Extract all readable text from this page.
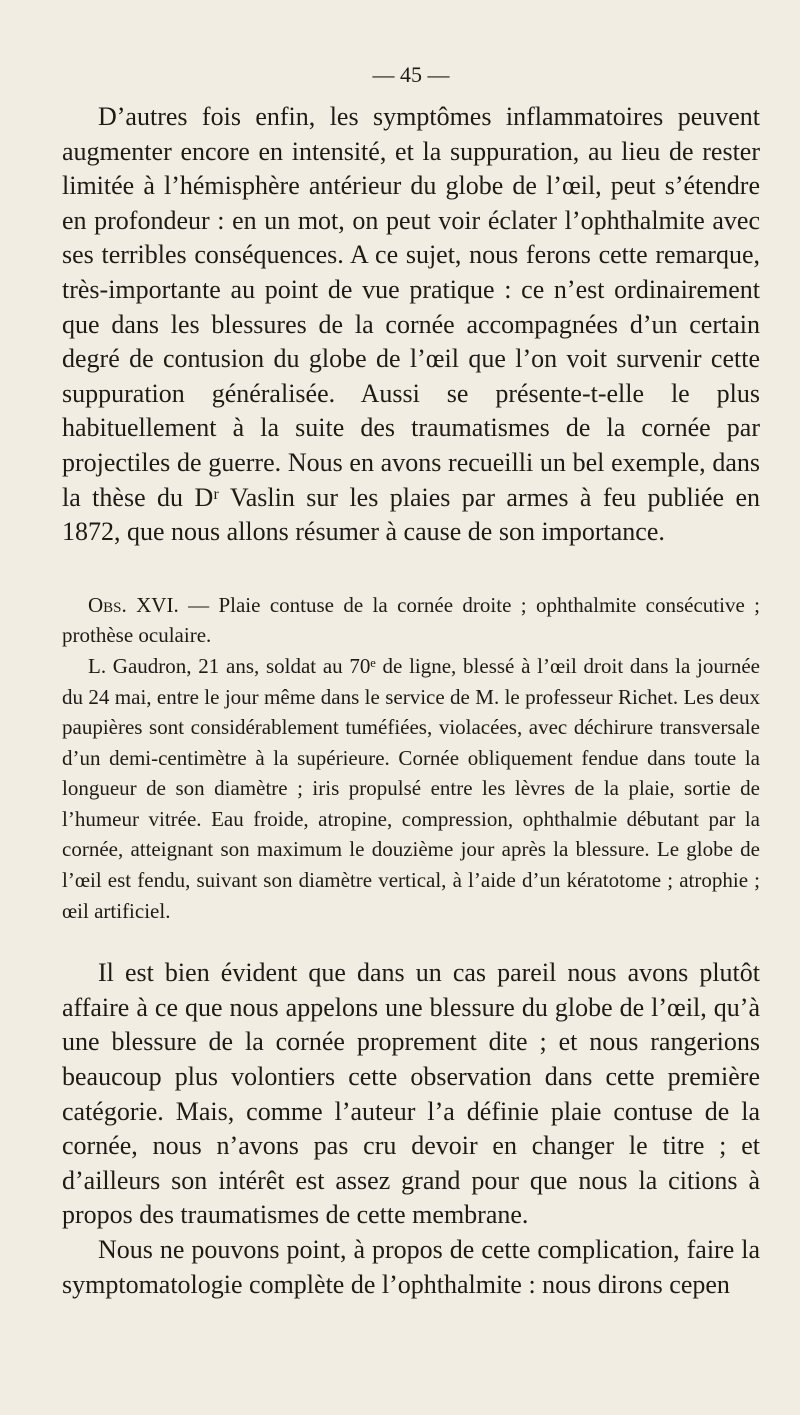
— 45 —

D’autres fois enfin, les symptômes inflammatoires peuvent augmenter encore en intensité, et la suppuration, au lieu de rester limitée à l’hémisphère antérieur du globe de l’œil, peut s’étendre en profondeur : en un mot, on peut voir éclater l’ophthalmite avec ses terribles conséquences. A ce sujet, nous ferons cette remarque, très-importante au point de vue pratique : ce n’est ordinairement que dans les blessures de la cornée accompagnées d’un certain degré de contusion du globe de l’œil que l’on voit survenir cette suppuration généralisée. Aussi se présente-t-elle le plus habituellement à la suite des traumatismes de la cornée par projectiles de guerre. Nous en avons recueilli un bel exemple, dans la thèse du Dʳ Vaslin sur les plaies par armes à feu publiée en 1872, que nous allons résumer à cause de son importance.

Obs. XVI. — Plaie contuse de la cornée droite ; ophthalmite consécutive ; prothèse oculaire.

L. Gaudron, 21 ans, soldat au 70ᵉ de ligne, blessé à l’œil droit dans la journée du 24 mai, entre le jour même dans le service de M. le professeur Richet. Les deux paupières sont considérablement tuméfiées, violacées, avec déchirure transversale d’un demi-centimètre à la supérieure. Cornée obliquement fendue dans toute la longueur de son diamètre ; iris propulsé entre les lèvres de la plaie, sortie de l’humeur vitrée. Eau froide, atropine, compression, ophthalmie débutant par la cornée, atteignant son maximum le douzième jour après la blessure. Le globe de l’œil est fendu, suivant son diamètre vertical, à l’aide d’un kératotome ; atrophie ; œil artificiel.

Il est bien évident que dans un cas pareil nous avons plutôt affaire à ce que nous appelons une blessure du globe de l’œil, qu’à une blessure de la cornée proprement dite ; et nous rangerions beaucoup plus volontiers cette observation dans cette première catégorie. Mais, comme l’auteur l’a définie plaie contuse de la cornée, nous n’avons pas cru devoir en changer le titre ; et d’ailleurs son intérêt est assez grand pour que nous la citions à propos des traumatismes de cette membrane.

Nous ne pouvons point, à propos de cette complication, faire la symptomatologie complète de l’ophthalmite : nous dirons cepen
